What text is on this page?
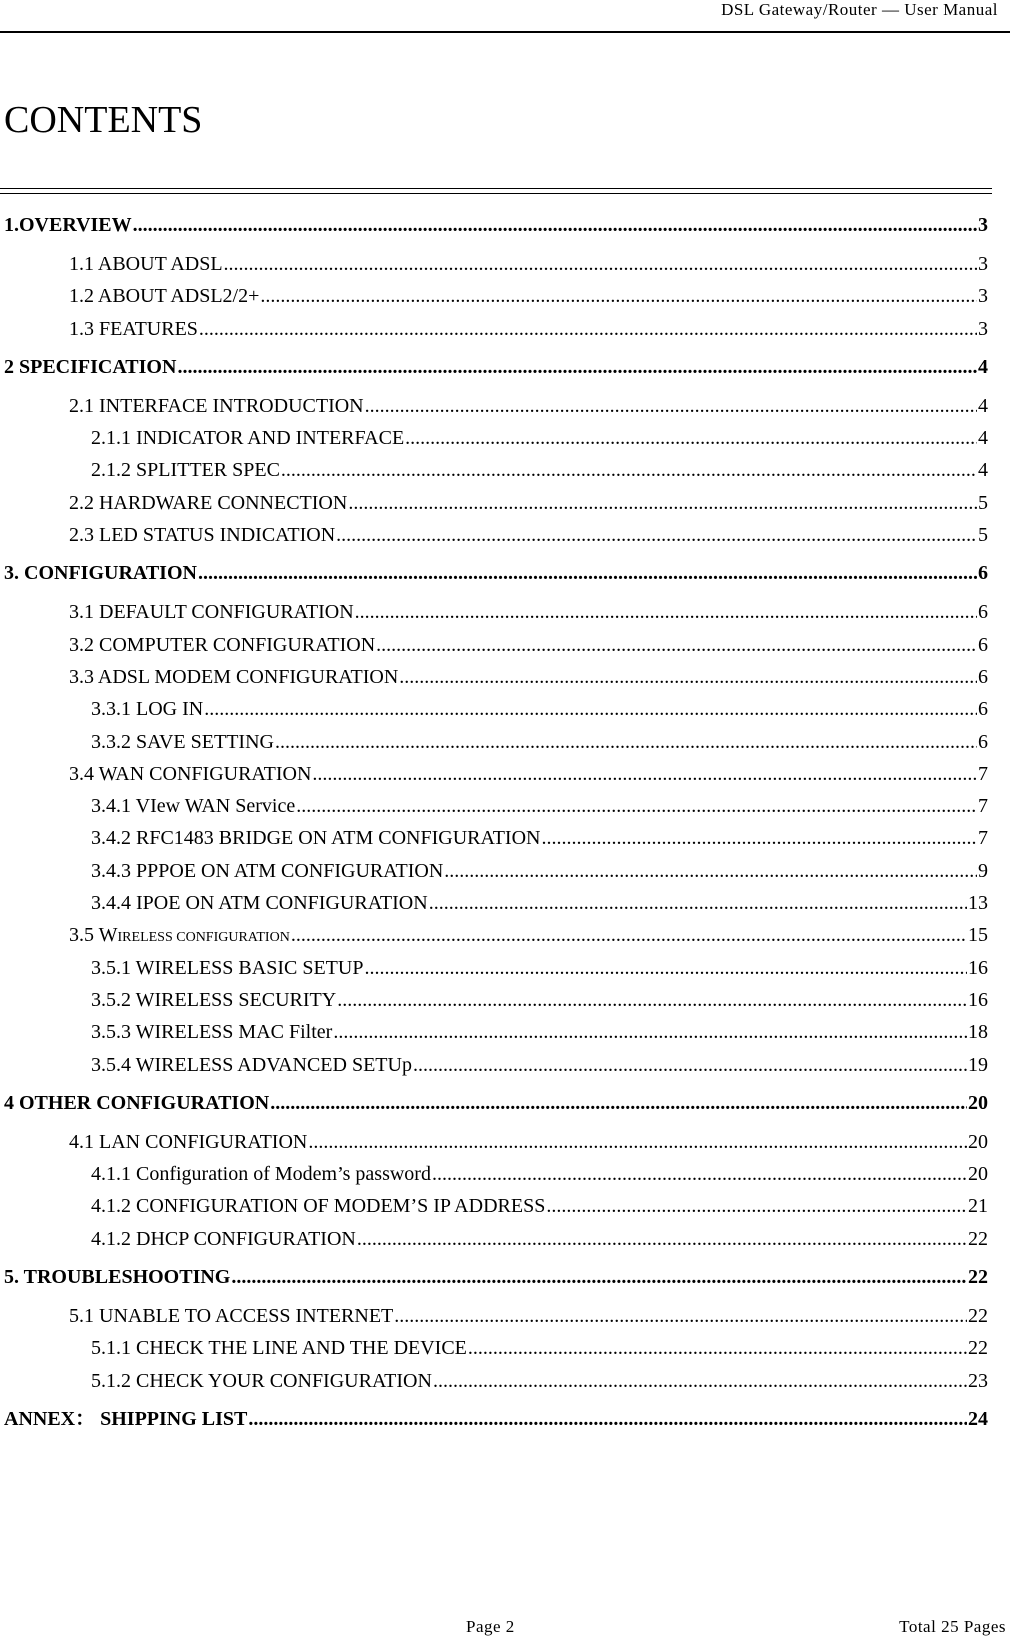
DSL Gateway/Router — User Manual
CONTENTS
1.OVERVIEW .....	3
1.1 ABOUT ADSL .....	3
1.2 ABOUT ADSL2/2+ .....	3
1.3 FEATURES .....	3
2 SPECIFICATION .....	4
2.1 INTERFACE INTRODUCTION .....	4
2.1.1 INDICATOR AND INTERFACE .....	4
2.1.2 SPLITTER SPEC .....	4
2.2 HARDWARE CONNECTION .....	5
2.3 LED STATUS INDICATION .....	5
3. CONFIGURATION .....	6
3.1 DEFAULT CONFIGURATION .....	6
3.2 COMPUTER CONFIGURATION .....	6
3.3 ADSL MODEM CONFIGURATION .....	6
3.3.1 LOG IN .....	6
3.3.2 SAVE SETTING .....	6
3.4 WAN CONFIGURATION .....	7
3.4.1 VIew WAN Service .....	7
3.4.2 RFC1483 BRIDGE ON ATM CONFIGURATION .....	7
3.4.3 PPPOE ON ATM CONFIGURATION .....	9
3.4.4 IPOE ON ATM CONFIGURATION .....	13
3.5 WIRELESS CONFIGURATION .....	15
3.5.1 WIRELESS BASIC SETUP .....	16
3.5.2 WIRELESS SECURITY .....	16
3.5.3 WIRELESS MAC Filter .....	18
3.5.4 WIRELESS ADVANCED SETUp .....	19
4 OTHER CONFIGURATION .....	20
4.1 LAN CONFIGURATION .....	20
4.1.1 Configuration of Modem’s password .....	20
4.1.2 CONFIGURATION OF MODEM’S IP ADDRESS .....	21
4.1.2 DHCP CONFIGURATION .....	22
5. TROUBLESHOOTING .....	22
5.1 UNABLE TO ACCESS INTERNET .....	22
5.1.1 CHECK THE LINE AND THE DEVICE .....	22
5.1.2 CHECK YOUR CONFIGURATION .....	23
ANNEX： SHIPPING LIST .....	24
Page 2	Total 25 Pages
